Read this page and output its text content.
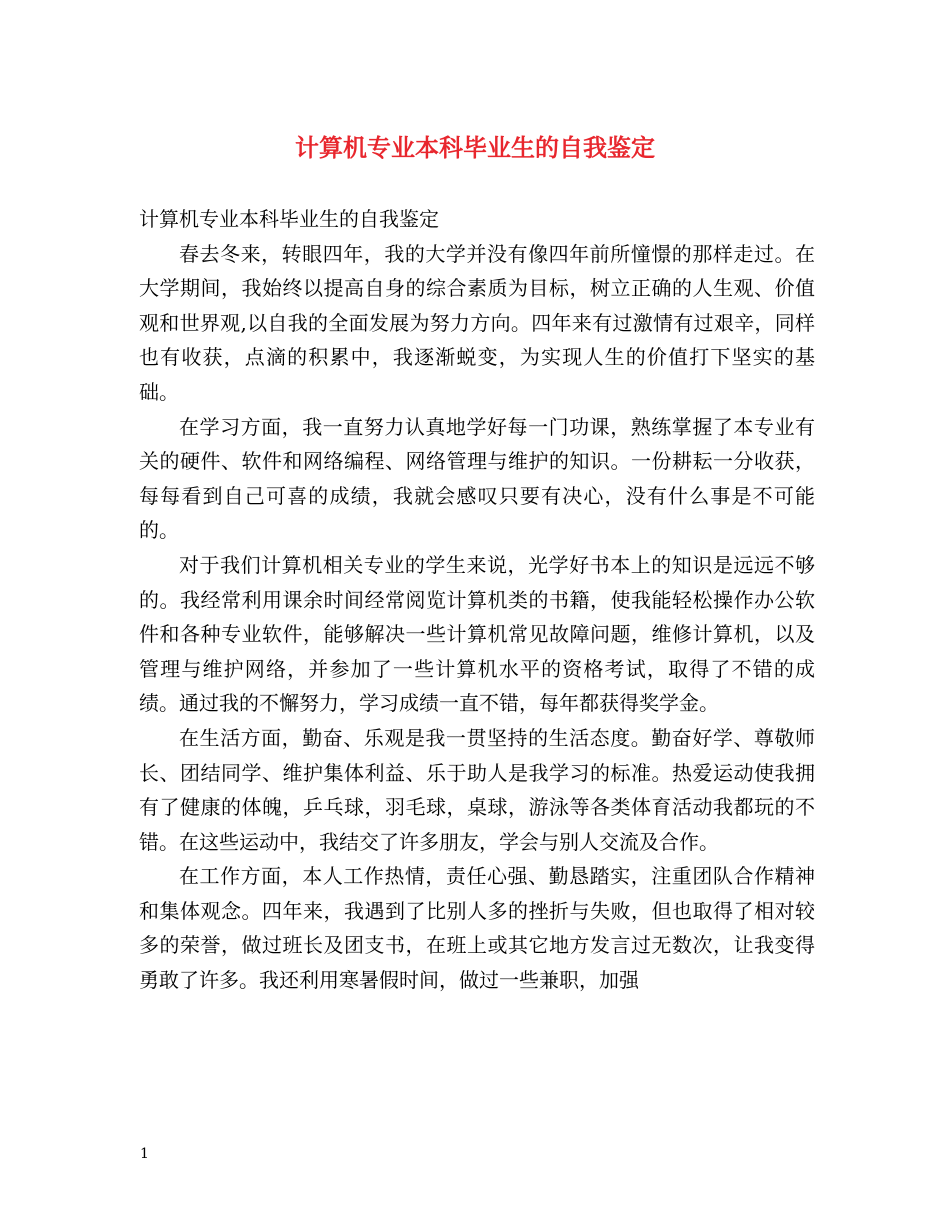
计算机专业本科毕业生的自我鉴定

计算机专业本科毕业生的自我鉴定

春去冬来，转眼四年，我的大学并没有像四年前所憧憬的那样走过。在大学期间，我始终以提高自身的综合素质为目标，树立正确的人生观、价值观和世界观,以自我的全面发展为努力方向。四年来有过激情有过艰辛，同样也有收获，点滴的积累中，我逐渐蜕变，为实现人生的价值打下坚实的基础。

在学习方面，我一直努力认真地学好每一门功课，熟练掌握了本专业有关的硬件、软件和网络编程、网络管理与维护的知识。一份耕耘一分收获，每每看到自己可喜的成绩，我就会感叹只要有决心，没有什么事是不可能的。

对于我们计算机相关专业的学生来说，光学好书本上的知识是远远不够的。我经常利用课余时间经常阅览计算机类的书籍，使我能轻松操作办公软件和各种专业软件，能够解决一些计算机常见故障问题，维修计算机，以及管理与维护网络，并参加了一些计算机水平的资格考试，取得了不错的成绩。通过我的不懈努力，学习成绩一直不错，每年都获得奖学金。

在生活方面，勤奋、乐观是我一贯坚持的生活态度。勤奋好学、尊敬师长、团结同学、维护集体利益、乐于助人是我学习的标准。热爱运动使我拥有了健康的体魄，乒乓球，羽毛球，桌球，游泳等各类体育活动我都玩的不错。在这些运动中，我结交了许多朋友，学会与别人交流及合作。

在工作方面，本人工作热情，责任心强、勤恳踏实，注重团队合作精神和集体观念。四年来，我遇到了比别人多的挫折与失败，但也取得了相对较多的荣誉，做过班长及团支书，在班上或其它地方发言过无数次，让我变得勇敢了许多。我还利用寒暑假时间，做过一些兼职，加强

1
